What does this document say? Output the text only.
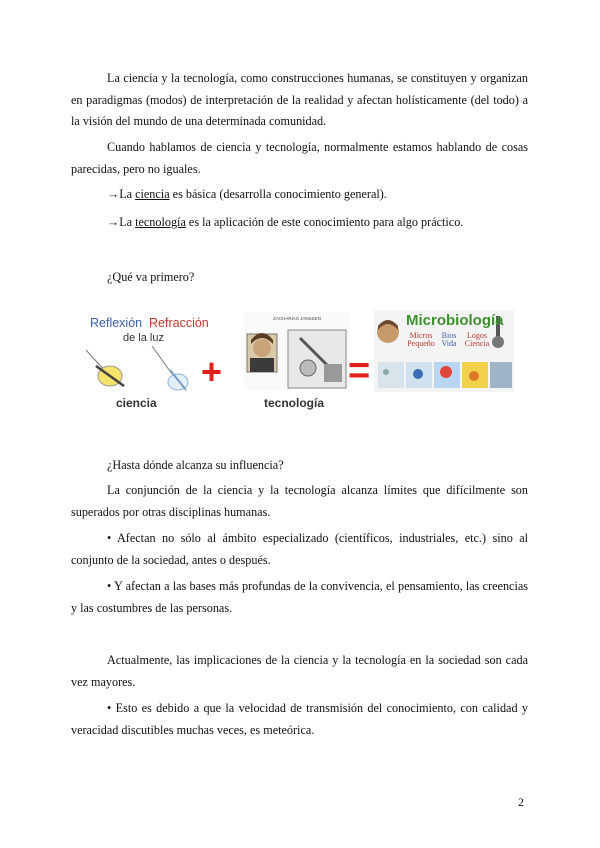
La ciencia y la tecnología, como construcciones humanas, se constituyen y organizan en paradigmas (modos) de interpretación de la realidad y afectan holísticamente (del todo) a la visión del mundo de una determinada comunidad.
Cuando hablamos de ciencia y tecnología, normalmente estamos hablando de cosas parecidas, pero no iguales.
→La ciencia es básica (desarrolla conocimiento general).
→La tecnología es la aplicación de este conocimiento para algo práctico.
¿Qué va primero?
Reflexión Refracción
de la luz
ciencia
+
ZACHARIAS JANSSEN
tecnología
=
Microbiología
Micros
Pequeño
Bios
Vida
Logos
Ciencia
¿Hasta dónde alcanza su influencia?
La conjunción de la ciencia y la tecnología alcanza límites que difícilmente son superados por otras disciplinas humanas.
• Afectan no sólo al ámbito especializado (científicos, industriales, etc.) sino al conjunto de la sociedad, antes o después.
• Y afectan a las bases más profundas de la convivencia, el pensamiento, las creencias y las costumbres de las personas.
Actualmente, las implicaciones de la ciencia y la tecnología en la sociedad son cada vez mayores.
• Esto es debido a que la velocidad de transmisión del conocimiento, con calidad y veracidad discutibles muchas veces, es meteórica.
2
